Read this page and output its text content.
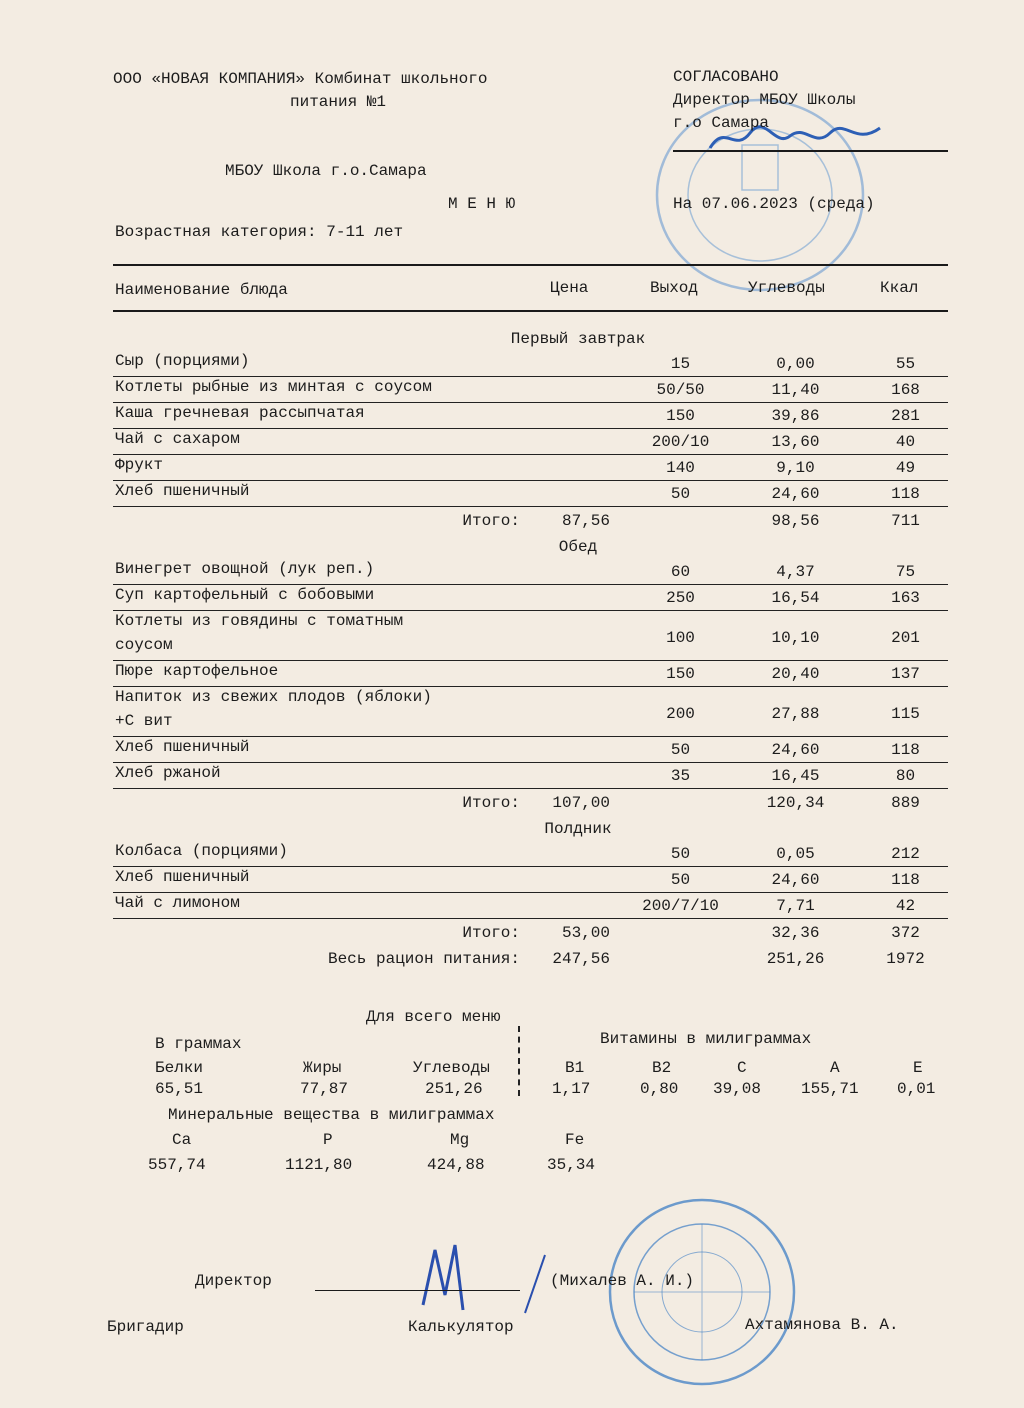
ООО «НОВАЯ КОМПАНИЯ» Комбинат школьного
питания №1
СОГЛАСОВАНО
Директор МБОУ Школы
г.о Самара
МБОУ Школа г.о.Самара
М Е Н Ю	На 07.06.2023 (среда)
Возрастная категория: 7-11 лет
Наименование блюда	Цена	Выход	Углеводы	Ккал
Первый завтрак
Сыр (порциями)	15	0,00	55
Котлеты рыбные из минтая с соусом	50/50	11,40	168
Каша гречневая рассыпчатая	150	39,86	281
Чай с сахаром	200/10	13,60	40
Фрукт	140	9,10	49
Хлеб пшеничный	50	24,60	118
Итого:	87,56	98,56	711
Обед
Винегрет овощной (лук реп.)	60	4,37	75
Суп картофельный с бобовыми	250	16,54	163
Котлеты из говядины с томатным
соусом	100	10,10	201
Пюре картофельное	150	20,40	137
Напиток из свежих плодов (яблоки)
+С вит	200	27,88	115
Хлеб пшеничный	50	24,60	118
Хлеб ржаной	35	16,45	80
Итого: 107,00	120,34	889
Полдник
Колбаса (порциями)	50	0,05	212
Хлеб пшеничный	50	24,60	118
Чай с лимоном	200/7/10	7,71	42
Итого:	53,00	32,36	372
Весь рацион питания: 247,56	251,26	1972
Для всего меню
В граммах	Витамины в милиграммах
Белки	Жиры	Углеводы
65,51	77,87	251,26
B1	B2	C	A	E
1,17	0,80 39,08 155,71 0,01
Минеральные вещества в милиграммах
Ca	P	Mg	Fe
557,74	1121,80	424,88	35,34
Директор	(Михалев А. И.)
Бригадир	Калькулятор	Ахтамянова В. А.
